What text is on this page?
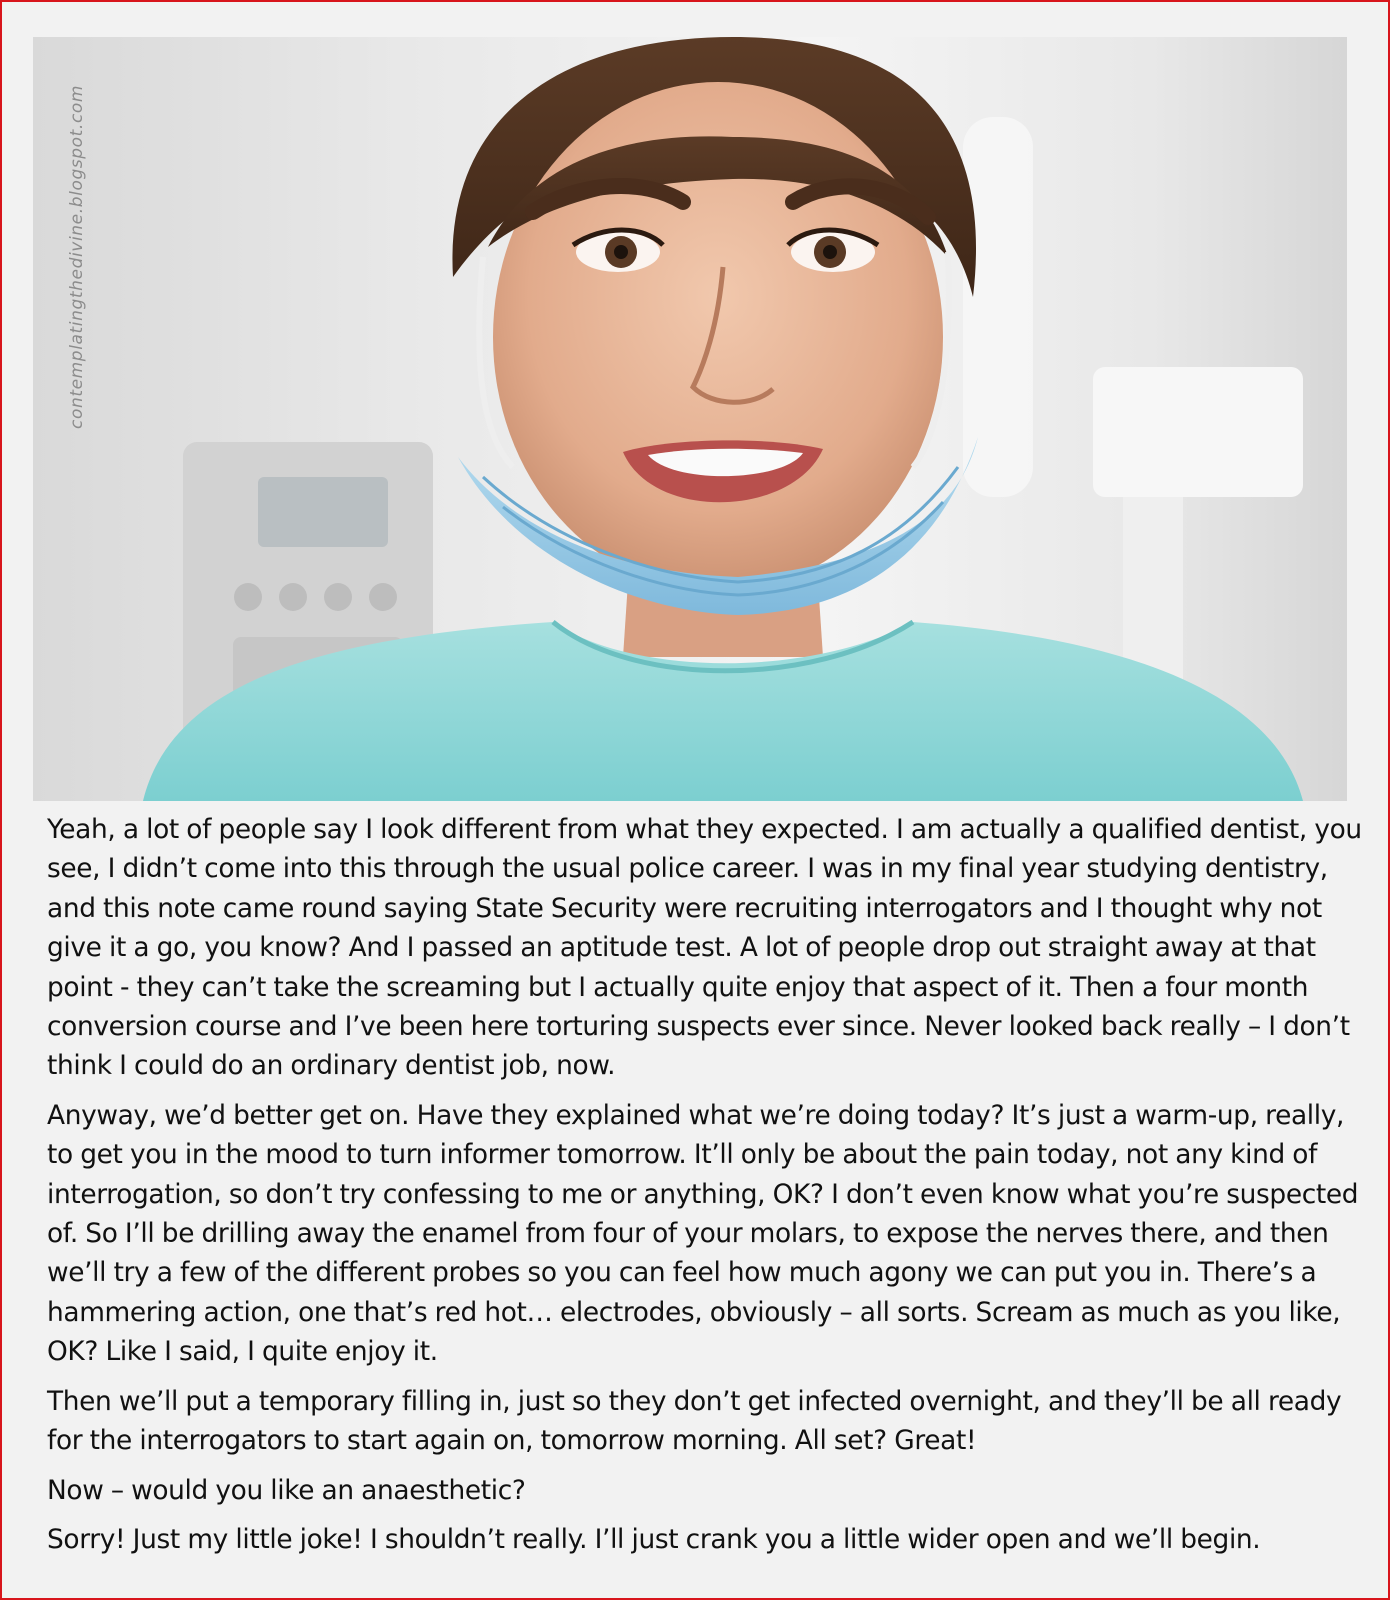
contemplatingthedivine.blogspot.com

Yeah, a lot of people say I look different from what they expected. I am actually a qualified dentist, you see, I didn’t come into this through the usual police career. I was in my final year studying dentistry, and this note came round saying State Security were recruiting interrogators and I thought why not give it a go, you know? And I passed an aptitude test. A lot of people drop out straight away at that point - they can’t take the screaming but I actually quite enjoy that aspect of it. Then a four month conversion course and I’ve been here torturing suspects ever since. Never looked back really – I don’t think I could do an ordinary dentist job, now.

Anyway, we’d better get on. Have they explained what we’re doing today? It’s just a warm-up, really, to get you in the mood to turn informer tomorrow. It’ll only be about the pain today, not any kind of interrogation, so don’t try confessing to me or anything, OK? I don’t even know what you’re suspected of. So I’ll be drilling away the enamel from four of your molars, to expose the nerves there, and then we’ll try a few of the different probes so you can feel how much agony we can put you in. There’s a hammering action, one that’s red hot… electrodes, obviously – all sorts. Scream as much as you like, OK? Like I said, I quite enjoy it.

Then we’ll put a temporary filling in, just so they don’t get infected overnight, and they’ll be all ready for the interrogators to start again on, tomorrow morning. All set? Great!

Now – would you like an anaesthetic?

Sorry! Just my little joke! I shouldn’t really. I’ll just crank you a little wider open and we’ll begin.
